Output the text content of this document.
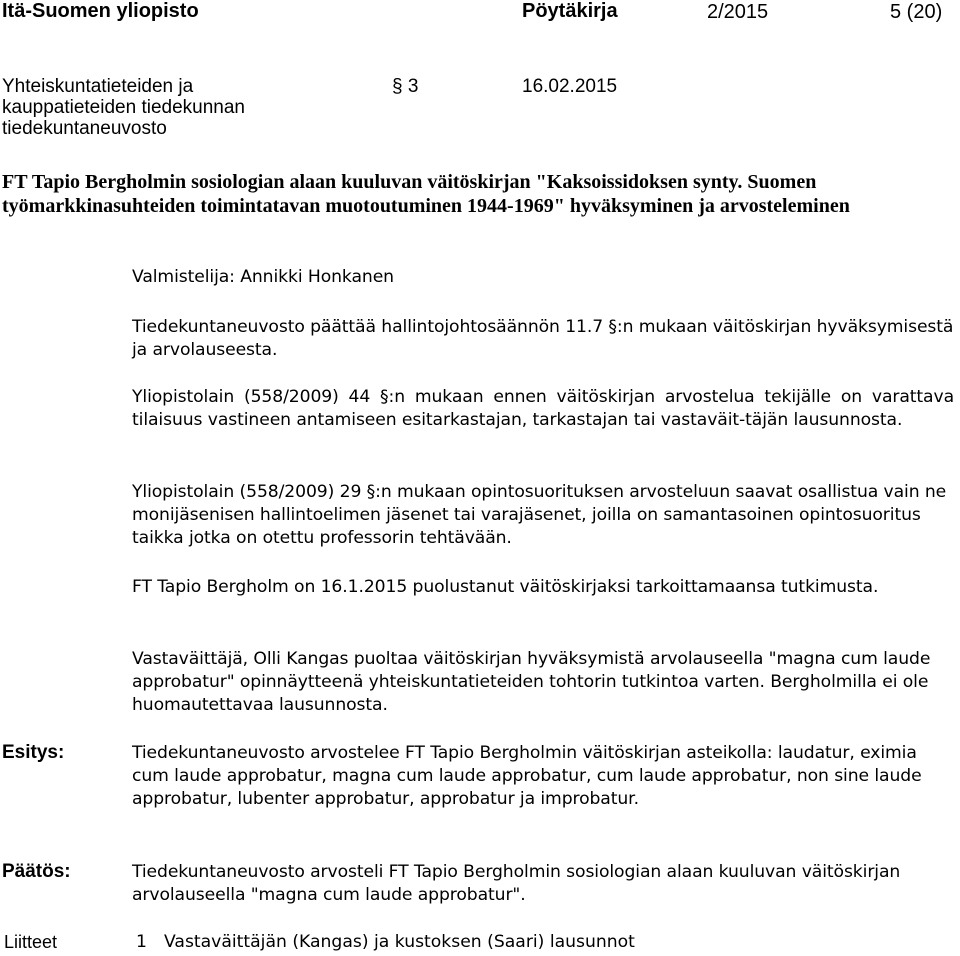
Itä-Suomen yliopisto	Pöytäkirja	2/2015	5 (20)
Yhteiskuntatieteiden ja
kauppatieteiden tiedekunnan
tiedekuntaneuvosto
§ 3	16.02.2015
FT Tapio Bergholmin sosiologian alaan kuuluvan väitöskirjan "Kaksoissidoksen synty. Suomen työmarkkinasuhteiden toimintatavan muotoutuminen 1944-1969" hyväksyminen ja arvosteleminen
Valmistelija: Annikki Honkanen
Tiedekuntaneuvosto päättää hallintojohtosäännön 11.7 §:n mukaan väitöskirjan hyväksymisestä ja arvolauseesta.
Yliopistolain (558/2009) 44 §:n mukaan ennen väitöskirjan arvostelua tekijälle on varattava tilaisuus vastineen antamiseen esitarkastajan, tarkastajan tai vastaväit-täjän lausunnosta.
Yliopistolain (558/2009) 29 §:n mukaan opintosuorituksen arvosteluun saavat osallistua vain ne monijäsenisen hallintoelimen jäsenet tai varajäsenet, joilla on samantasoinen opintosuoritus taikka jotka on otettu professorin tehtävään.
FT Tapio Bergholm on 16.1.2015 puolustanut väitöskirjaksi tarkoittamaansa tutkimusta.
Vastaväittäjä, Olli Kangas puoltaa väitöskirjan hyväksymistä arvolauseella "magna cum laude approbatur" opinnäytteenä yhteiskuntatieteiden tohtorin tutkintoa varten. Bergholmilla ei ole huomautettavaa lausunnosta.
Esitys:	Tiedekuntaneuvosto arvostelee FT Tapio Bergholmin väitöskirjan asteikolla: laudatur, eximia cum laude approbatur, magna cum laude approbatur, cum laude approbatur, non sine laude approbatur, lubenter approbatur, approbatur ja improbatur.
Päätös:	Tiedekuntaneuvosto arvosteli FT Tapio Bergholmin sosiologian alaan kuuluvan väitöskirjan arvolauseella "magna cum laude approbatur".
Liitteet	1 Vastaväittäjän (Kangas) ja kustoksen (Saari) lausunnot
